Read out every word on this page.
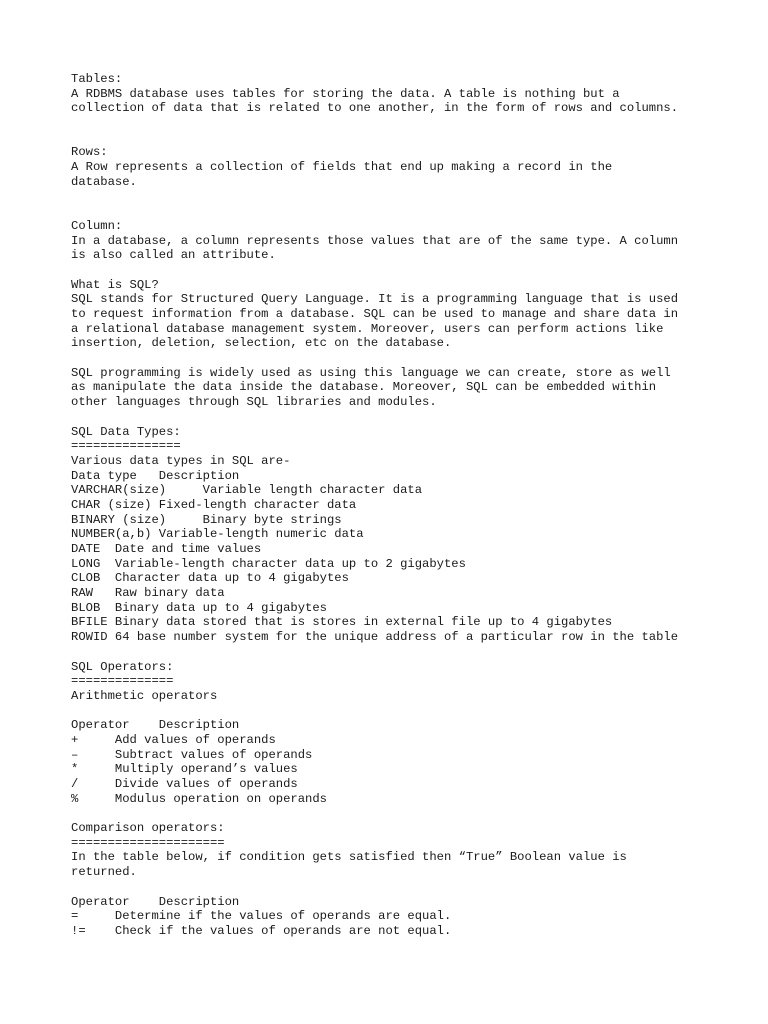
Tables:
A RDBMS database uses tables for storing the data. A table is nothing but a
collection of data that is related to one another, in the form of rows and columns.
Rows:
A Row represents a collection of fields that end up making a record in the
database.
Column:
In a database, a column represents those values that are of the same type. A column
is also called an attribute.
What is SQL?
SQL stands for Structured Query Language. It is a programming language that is used
to request information from a database. SQL can be used to manage and share data in
a relational database management system. Moreover, users can perform actions like
insertion, deletion, selection, etc on the database.
SQL programming is widely used as using this language we can create, store as well
as manipulate the data inside the database. Moreover, SQL can be embedded within
other languages through SQL libraries and modules.
SQL Data Types:
===============
Various data types in SQL are-
Data type   Description
VARCHAR(size)     Variable length character data
CHAR (size) Fixed-length character data
BINARY (size)     Binary byte strings
NUMBER(a,b) Variable-length numeric data
DATE  Date and time values
LONG  Variable-length character data up to 2 gigabytes
CLOB  Character data up to 4 gigabytes
RAW   Raw binary data
BLOB  Binary data up to 4 gigabytes
BFILE Binary data stored that is stores in external file up to 4 gigabytes
ROWID 64 base number system for the unique address of a particular row in the table
SQL Operators:
==============
Arithmetic operators
Operator    Description
+     Add values of operands
–     Subtract values of operands
*     Multiply operand’s values
/     Divide values of operands
%     Modulus operation on operands
Comparison operators:
=====================
In the table below, if condition gets satisfied then “True” Boolean value is
returned.
Operator    Description
=     Determine if the values of operands are equal.
!=    Check if the values of operands are not equal.
